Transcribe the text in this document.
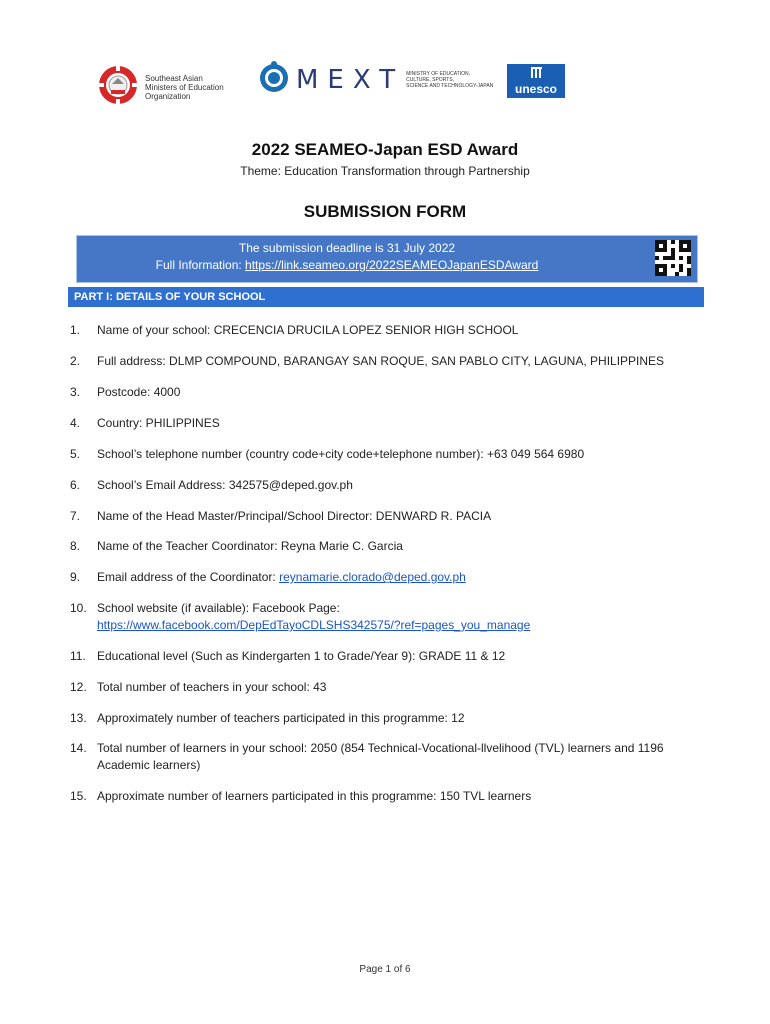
Southeast Asian
Ministers of Education
Organization
MEXT MINISTRY OF EDUCATION,
CULTURE, SPORTS,
SCIENCE AND TECHNOLOGY-JAPAN	unesco
2022 SEAMEO-Japan ESD Award
Theme: Education Transformation through Partnership
SUBMISSION FORM
The submission deadline is 31 July 2022
Full Information: https://link.seameo.org/2022SEAMEOJapanESDAward
PART I: DETAILS OF YOUR SCHOOL
1.	Name of your school: CRECENCIA DRUCILA LOPEZ SENIOR HIGH SCHOOL
2.	Full address: DLMP COMPOUND, BARANGAY SAN ROQUE, SAN PABLO CITY, LAGUNA, PHILIPPINES
3.	Postcode: 4000
4.	Country: PHILIPPINES
5.	School’s telephone number (country code+city code+telephone number): +63 049 564 6980
6.	School’s Email Address: 342575@deped.gov.ph
7.	Name of the Head Master/Principal/School Director: DENWARD R. PACIA
8.	Name of the Teacher Coordinator: Reyna Marie C. Garcia
9.	Email address of the Coordinator: reynamarie.clorado@deped.gov.ph
10. School website (if available): Facebook Page:
https://www.facebook.com/DepEdTayoCDLSHS342575/?ref=pages_you_manage
11. Educational level (Such as Kindergarten 1 to Grade/Year 9): GRADE 11 & 12
12. Total number of teachers in your school: 43
13. Approximately number of teachers participated in this programme: 12
14. Total number of learners in your school: 2050 (854 Technical-Vocational-llvelihood (TVL) learners and 1196 Academic learners)
15. Approximate number of learners participated in this programme: 150 TVL learners
Page 1 of 6
